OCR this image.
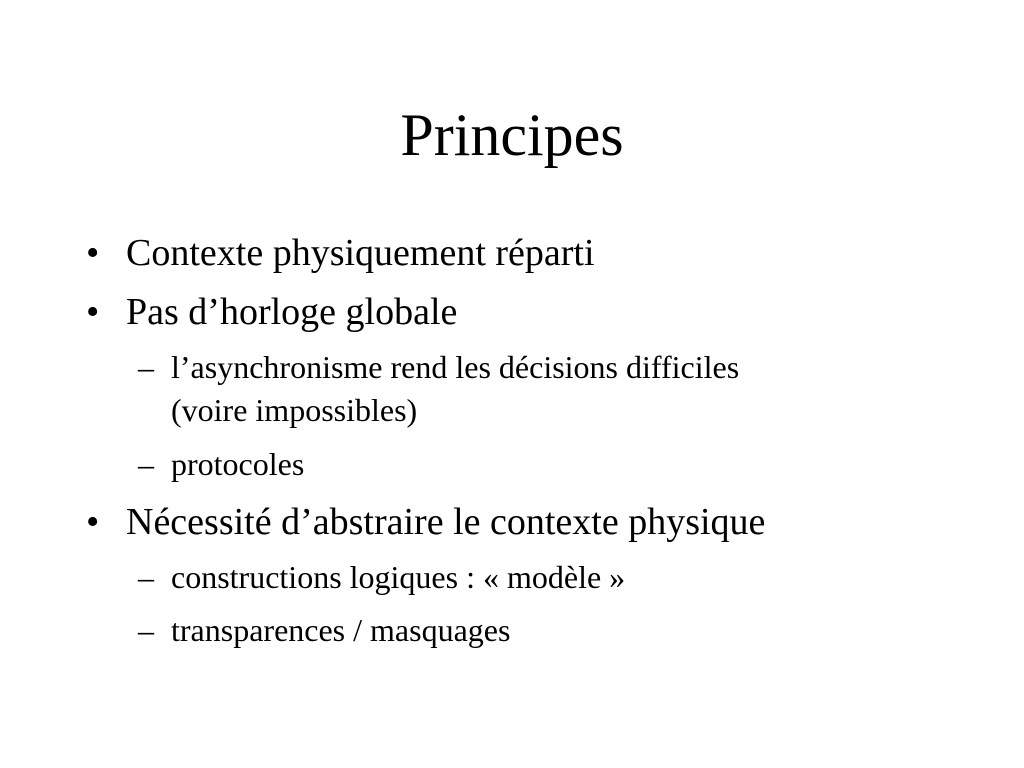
Principes
• Contexte physiquement réparti

• Pas d’horloge globale

– l’asynchronisme rend les décisions difficiles

(voire impossibles)

– protocoles

• Nécessité d’abstraire le contexte physique

– constructions logiques : « modèle »

– transparences / masquages
